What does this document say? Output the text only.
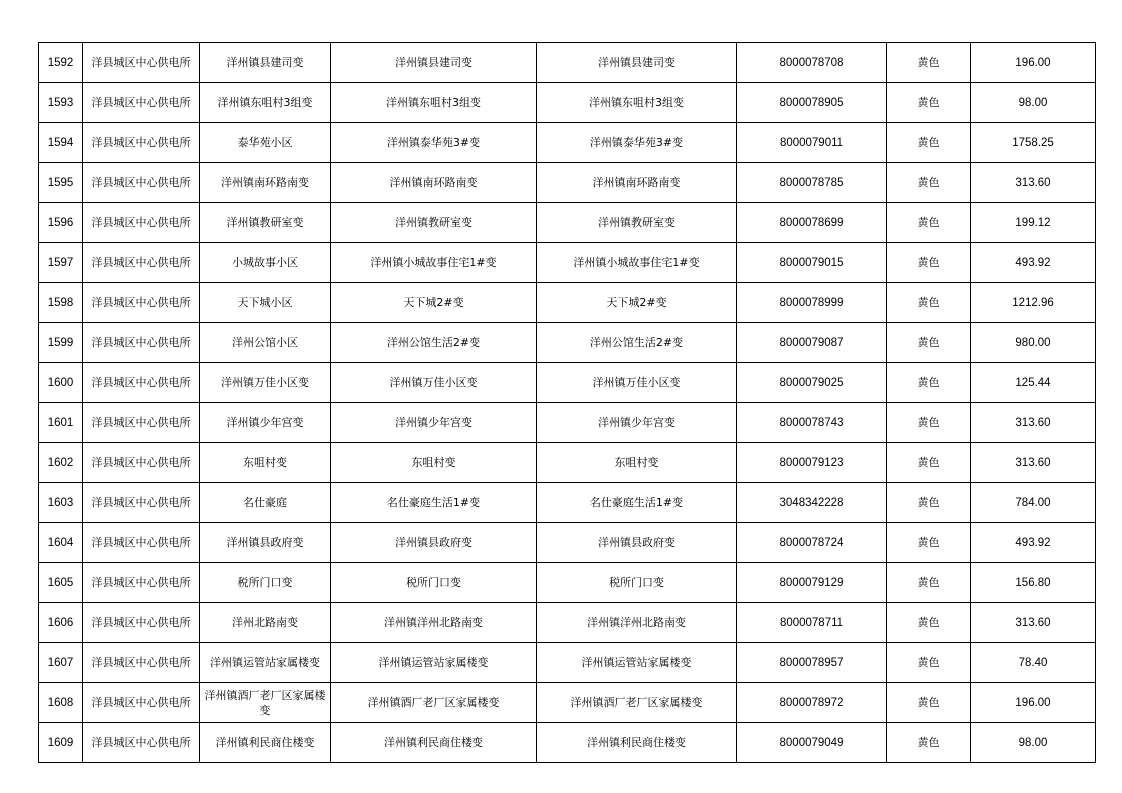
1592	洋县城区中心供电所	洋州镇县建司变	洋州镇县建司变	洋州镇县建司变	8000078708	黄色	196.00
1593	洋县城区中心供电所	洋州镇东咀村3组变	洋州镇东咀村3组变	洋州镇东咀村3组变	8000078905	黄色	98.00
1594	洋县城区中心供电所	泰华苑小区	洋州镇泰华苑3#变	洋州镇泰华苑3#变	8000079011	黄色	1758.25
1595	洋县城区中心供电所	洋州镇南环路南变	洋州镇南环路南变	洋州镇南环路南变	8000078785	黄色	313.60
1596	洋县城区中心供电所	洋州镇教研室变	洋州镇教研室变	洋州镇教研室变	8000078699	黄色	199.12
1597	洋县城区中心供电所	小城故事小区	洋州镇小城故事住宅1#变	洋州镇小城故事住宅1#变	8000079015	黄色	493.92
1598	洋县城区中心供电所	天下城小区	天下城2#变	天下城2#变	8000078999	黄色	1212.96
1599	洋县城区中心供电所	洋州公馆小区	洋州公馆生活2#变	洋州公馆生活2#变	8000079087	黄色	980.00
1600	洋县城区中心供电所	洋州镇万佳小区变	洋州镇万佳小区变	洋州镇万佳小区变	8000079025	黄色	125.44
1601	洋县城区中心供电所	洋州镇少年宫变	洋州镇少年宫变	洋州镇少年宫变	8000078743	黄色	313.60
1602	洋县城区中心供电所	东咀村变	东咀村变	东咀村变	8000079123	黄色	313.60
1603	洋县城区中心供电所	名仕豪庭	名仕豪庭生活1#变	名仕豪庭生活1#变	3048342228	黄色	784.00
1604	洋县城区中心供电所	洋州镇县政府变	洋州镇县政府变	洋州镇县政府变	8000078724	黄色	493.92
1605	洋县城区中心供电所	税所门口变	税所门口变	税所门口变	8000079129	黄色	156.80
1606	洋县城区中心供电所	洋州北路南变	洋州镇洋州北路南变	洋州镇洋州北路南变	8000078711	黄色	313.60
1607	洋县城区中心供电所	洋州镇运管站家属楼变	洋州镇运管站家属楼变	洋州镇运管站家属楼变	8000078957	黄色	78.40
1608	洋县城区中心供电所	洋州镇酒厂老厂区家属楼变	洋州镇酒厂老厂区家属楼变	洋州镇酒厂老厂区家属楼变	8000078972	黄色	196.00
1609	洋县城区中心供电所	洋州镇利民商住楼变	洋州镇利民商住楼变	洋州镇利民商住楼变	8000079049	黄色	98.00
